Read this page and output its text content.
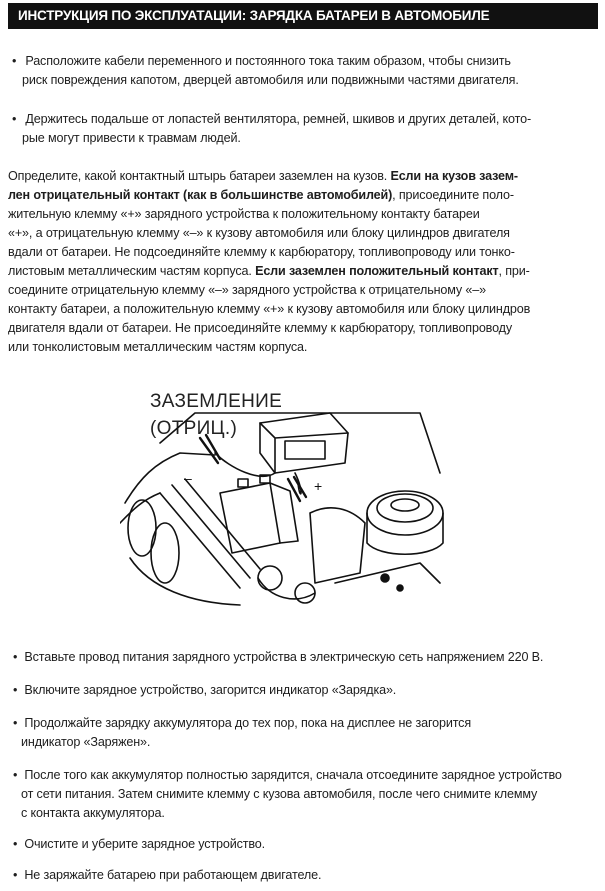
ИНСТРУКЦИЯ ПО ЭКСПЛУАТАЦИИ: ЗАРЯДКА БАТАРЕИ В АВТОМОБИЛЕ
• Расположите кабели переменного и постоянного тока таким образом, чтобы снизить
риск повреждения капотом, дверцей автомобиля или подвижными частями двигателя.
• Держитесь подальше от лопастей вентилятора, ремней, шкивов и других деталей, кото-
рые могут привести к травмам людей.
Определите, какой контактный штырь батареи заземлен на кузов. Если на кузов зазем-
лен отрицательный контакт (как в большинстве автомобилей), присоедините поло-
жительную клемму «+» зарядного устройства к положительному контакту батареи
«+», а отрицательную клемму «–» к кузову автомобиля или блоку цилиндров двигателя
вдали от батареи. Не подсоединяйте клемму к карбюратору, топливопроводу или тонко-
листовым металлическим частям корпуса. Если заземлен положительный контакт, при-
соедините отрицательную клемму «–» зарядного устройства к отрицательному «–»
контакту батареи, а положительную клемму «+» к кузову автомобиля или блоку цилиндров
двигателя вдали от батареи. Не присоединяйте клемму к карбюратору, топливопроводу
или тонколистовым металлическим частям корпуса.
ЗАЗЕМЛЕНИЕ
(ОТРИЦ.)
+
–
• Вставьте провод питания зарядного устройства в электрическую сеть напряжением 220 В.
• Включите зарядное устройство, загорится индикатор «Зарядка».
• Продолжайте зарядку аккумулятора до тех пор, пока на дисплее не загорится
индикатор «Заряжен».
• После того как аккумулятор полностью зарядится, сначала отсоедините зарядное устройство
от сети питания. Затем снимите клемму с кузова автомобиля, после чего снимите клемму
с контакта аккумулятора.
• Очистите и уберите зарядное устройство.
• Не заряжайте батарею при работающем двигателе.
